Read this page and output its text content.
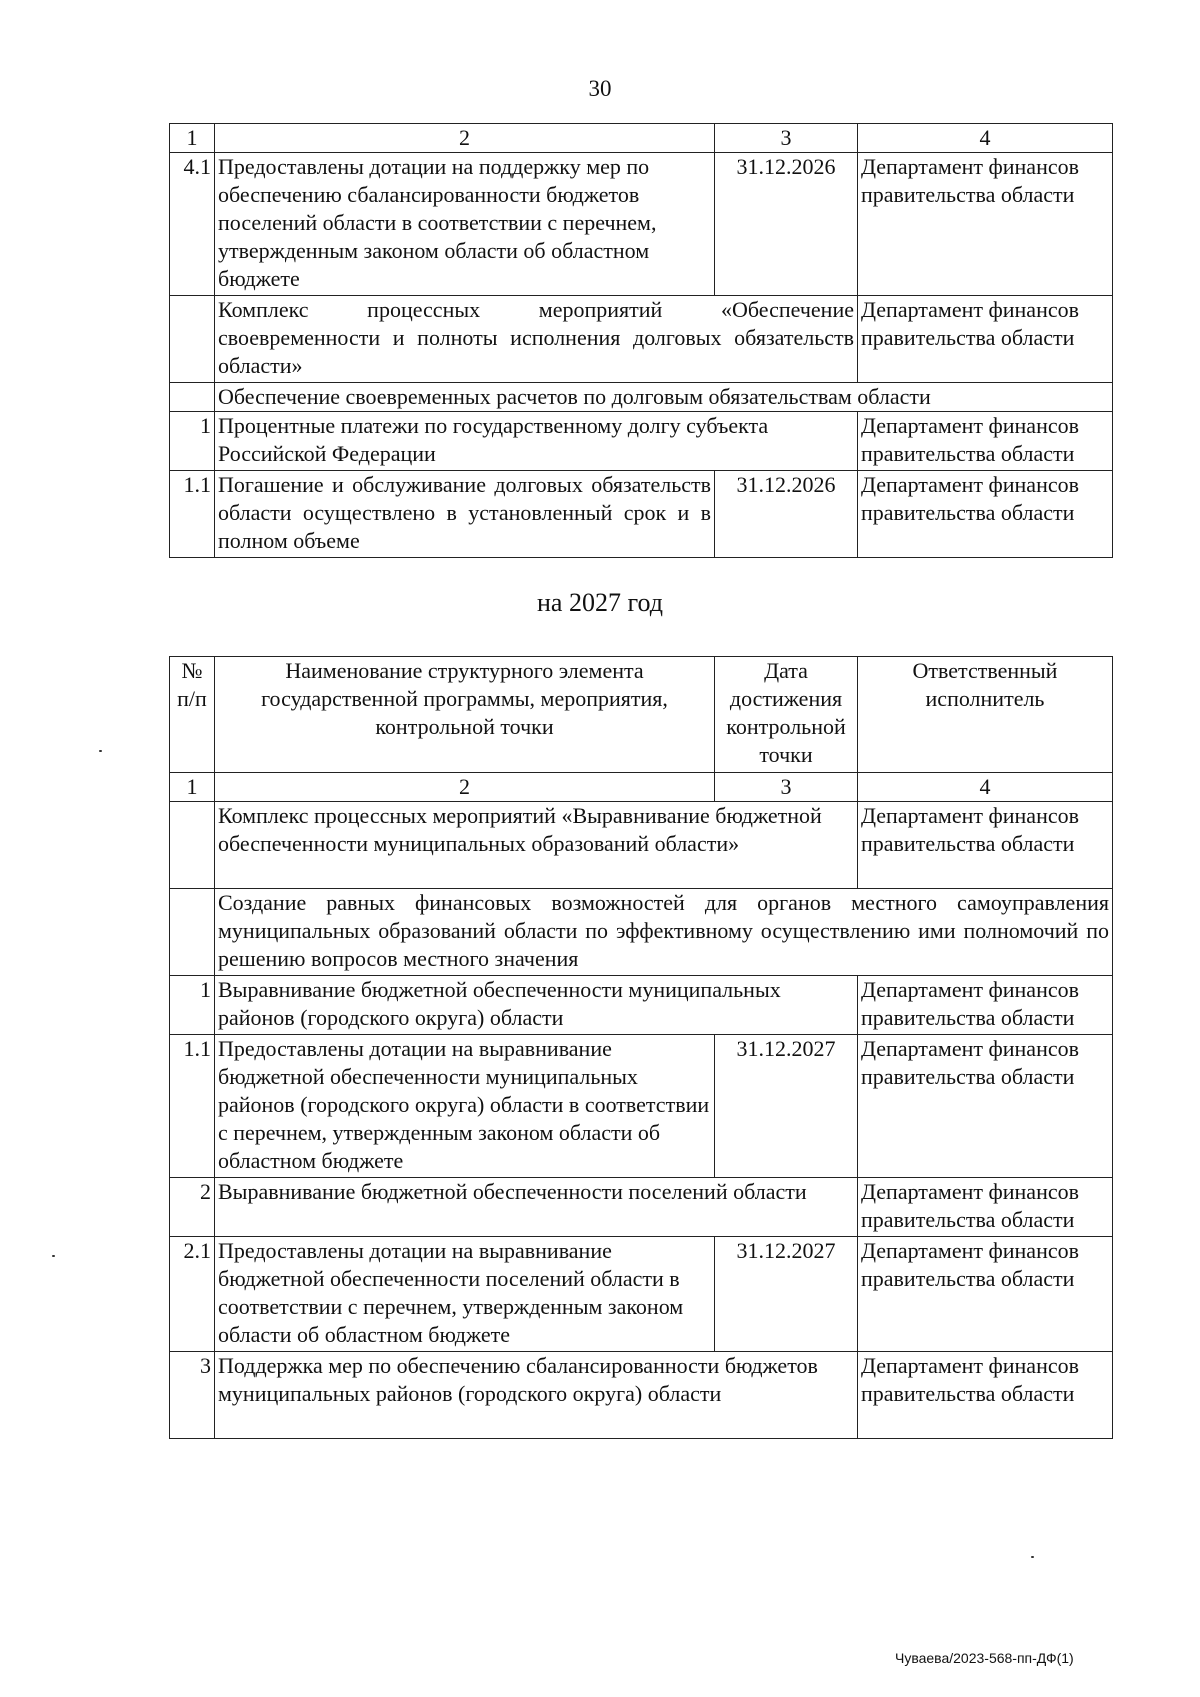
30
1	2	3	4
4.1	Предоставлены дотации на поддержку мер по обеспечению сбалансированности бюджетов поселений области в соответствии с перечнем, утвержденным законом области об областном бюджете	31.12.2026	Департамент финансов правительства области
	Комплекс процессных мероприятий «Обеспечение своевременности и полноты исполнения долговых обязательств области»		Департамент финансов правительства области
	Обеспечение своевременных расчетов по долговым обязательствам области		
1	Процентные платежи по государственному долгу субъекта Российской Федерации		Департамент финансов правительства области
1.1	Погашение и обслуживание долговых обязательств области осуществлено в установленный срок и в полном объеме	31.12.2026	Департамент финансов правительства области
на 2027 год
№ п/п	Наименование структурного элемента государственной программы, мероприятия, контрольной точки	Дата достижения контрольной точки	Ответственный исполнитель
1	2	3	4
	Комплекс процессных мероприятий «Выравнивание бюджетной обеспеченности муниципальных образований области»		Департамент финансов правительства области
	Создание равных финансовых возможностей для органов местного самоуправления муниципальных образований области по эффективному осуществлению ими полномочий по решению вопросов местного значения		
1	Выравнивание бюджетной обеспеченности муниципальных районов (городского округа) области		Департамент финансов правительства области
1.1	Предоставлены дотации на выравнивание бюджетной обеспеченности муниципальных районов (городского округа) области в соответствии с перечнем, утвержденным законом области об областном бюджете	31.12.2027	Департамент финансов правительства области
2	Выравнивание бюджетной обеспеченности поселений области		Департамент финансов правительства области
2.1	Предоставлены дотации на выравнивание бюджетной обеспеченности поселений области в соответствии с перечнем, утвержденным законом области об областном бюджете	31.12.2027	Департамент финансов правительства области
3	Поддержка мер по обеспечению сбалансированности бюджетов муниципальных районов (городского округа) области		Департамент финансов правительства области
Чуваева/2023-568-пп-ДФ(1)
